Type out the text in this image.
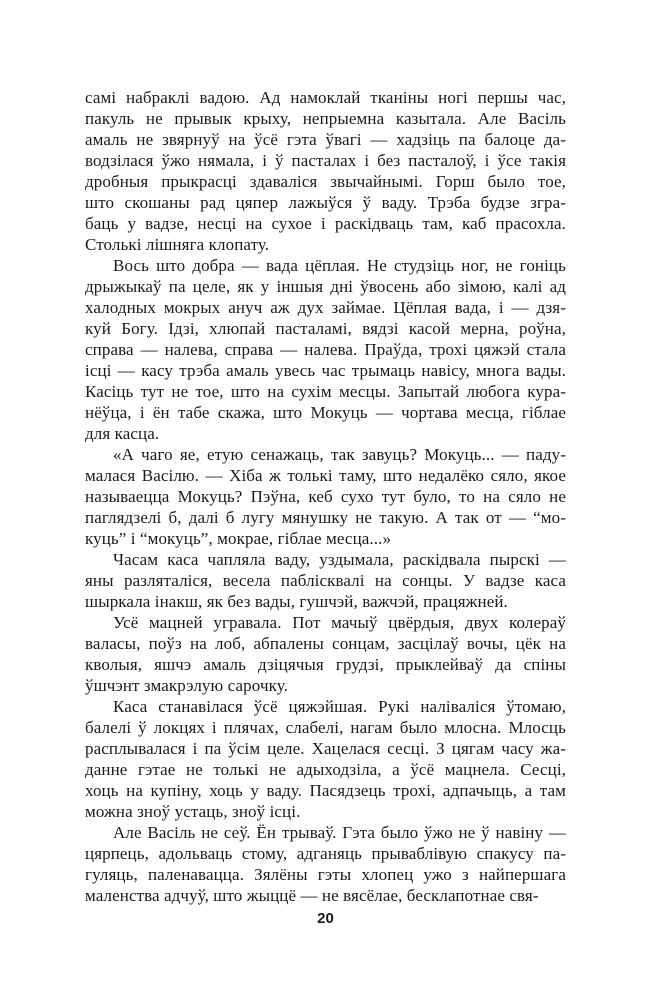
самі набраклі вадою. Ад намоклай тканіны ногі першы час,
пакуль не прывык крыху, непрыемна казытала. Але Васіль
амаль не звярнуў на ўсё гэта ўвагі — хадзіць па балоце да-
водзілася ўжо нямала, і ў пасталах і без пасталоў, і ўсе такія
дробныя прыкрасці здаваліся звычайнымі. Горш было тое,
што скошаны рад цяпер лажыўся ў ваду. Трэба будзе згра-
баць у вадзе, несці на сухое і раскідваць там, каб прасохла.
Столькі лішняга клопату.
Вось што добра — вада цёплая. Не студзіць ног, не гоніць
дрыжыкаў па целе, як у іншыя дні ўвосень або зімою, калі ад
халодных мокрых ануч аж дух займае. Цёплая вада, і — дзя-
куй Богу. Ідзі, хлюпай пасталамі, вядзі касой мерна, роўна,
справа — налева, справа — налева. Праўда, трохі цяжэй стала
ісці — касу трэба амаль увесь час трымаць навісу, многа вады.
Касіць тут не тое, што на сухім месцы. Запытай любога кура-
нёўца, і ён табе скажа, што Мокуць — чортава месца, гіблае
для касца.
«А чаго яе, етую сенажаць, так завуць? Мокуць... — паду-
малася Васілю. — Хіба ж толькі таму, што недалёко сяло, якое
называецца Мокуць? Пэўна, кеб сухо тут було, то на сяло не
паглядзелі б, далі б лугу мянушку не такую. А так от — “мо-
куць” і “мокуць”, мокрае, гіблае месца...»
Часам каса чапляла ваду, уздымала, раскідвала пырскі —
яны разляталіся, весела паблісквалі на сонцы. У вадзе каса
шыркала інакш, як без вады, гушчэй, важчэй, працяжней.
Усё мацней угравала. Пот мачыў цвёрдыя, двух колераў
валасы, поўз на лоб, абпалены сонцам, засцілаў вочы, цёк на
кволыя, яшчэ амаль дзіцячыя грудзі, прыклейваў да спіны
ўшчэнт змакрэлую сарочку.
Каса станавілася ўсё цяжэйшая. Рукі наліваліся ўтомаю,
балелі ў локцях і плячах, слабелі, нагам было млосна. Млосць
расплывалася і па ўсім целе. Хацелася сесці. З цягам часу жа-
данне гэтае не толькі не адыходзіла, а ўсё мацнела. Сесці,
хоць на купіну, хоць у ваду. Пасядзець трохі, адпачыць, а там
можна зноў устаць, зноў ісці.
Але Васіль не сеў. Ён трываў. Гэта было ўжо не ў навіну —
цярпець, адольваць стому, адганяць прываблівую спакусу па-
гуляць, паленавацца. Зялёны гэты хлопец ужо з найпершага
маленства адчуў, што жыццё — не вясёлае, бесклапотнае свя-
20
